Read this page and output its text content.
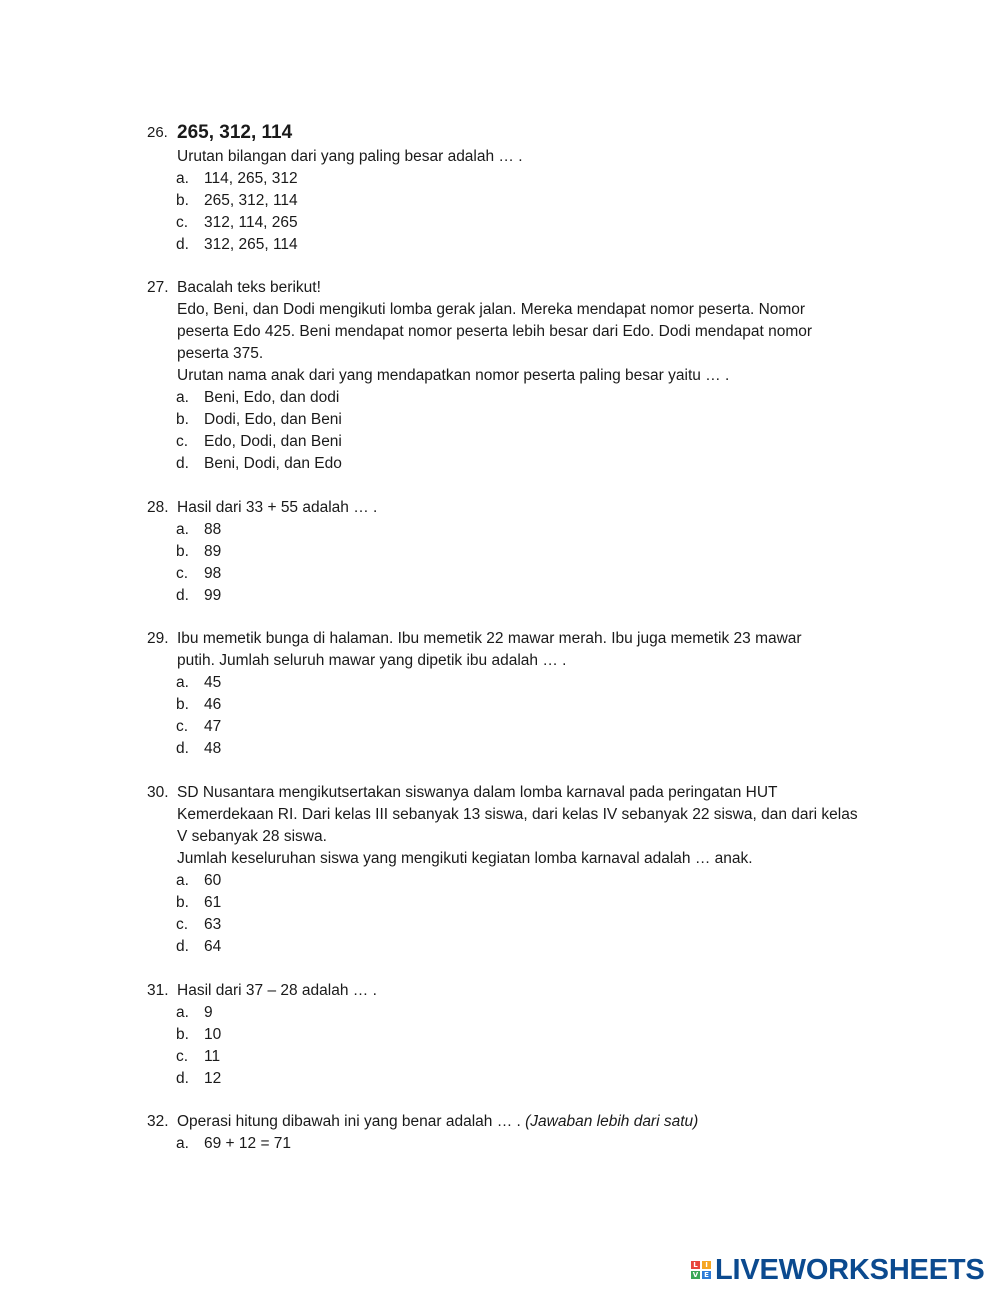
26. 265, 312, 114
Urutan bilangan dari yang paling besar adalah … .
a. 114, 265, 312
b. 265, 312, 114
c. 312, 114, 265
d. 312, 265, 114
27. Bacalah teks berikut!
Edo, Beni, dan Dodi mengikuti lomba gerak jalan. Mereka mendapat nomor peserta. Nomor
peserta Edo 425. Beni mendapat nomor peserta lebih besar dari Edo. Dodi mendapat nomor
peserta 375.
Urutan nama anak dari yang mendapatkan nomor peserta paling besar yaitu … .
a. Beni, Edo, dan dodi
b. Dodi, Edo, dan Beni
c. Edo, Dodi, dan Beni
d. Beni, Dodi, dan Edo
28. Hasil dari 33 + 55 adalah … .
a. 88
b. 89
c. 98
d. 99
29. Ibu memetik bunga di halaman. Ibu memetik 22 mawar merah. Ibu juga memetik 23 mawar
putih. Jumlah seluruh mawar yang dipetik ibu adalah … .
a. 45
b. 46
c. 47
d. 48
30. SD Nusantara mengikutsertakan siswanya dalam lomba karnaval pada peringatan HUT
Kemerdekaan RI. Dari kelas III sebanyak 13 siswa, dari kelas IV sebanyak 22 siswa, dan dari kelas
V sebanyak 28 siswa.
Jumlah keseluruhan siswa yang mengikuti kegiatan lomba karnaval adalah … anak.
a. 60
b. 61
c. 63
d. 64
31. Hasil dari 37 – 28 adalah … .
a. 9
b. 10
c. 11
d. 12
32. Operasi hitung dibawah ini yang benar adalah … . (Jawaban lebih dari satu)
a. 69 + 12 = 71
L	I
V E LIVEWORKSHEETS
